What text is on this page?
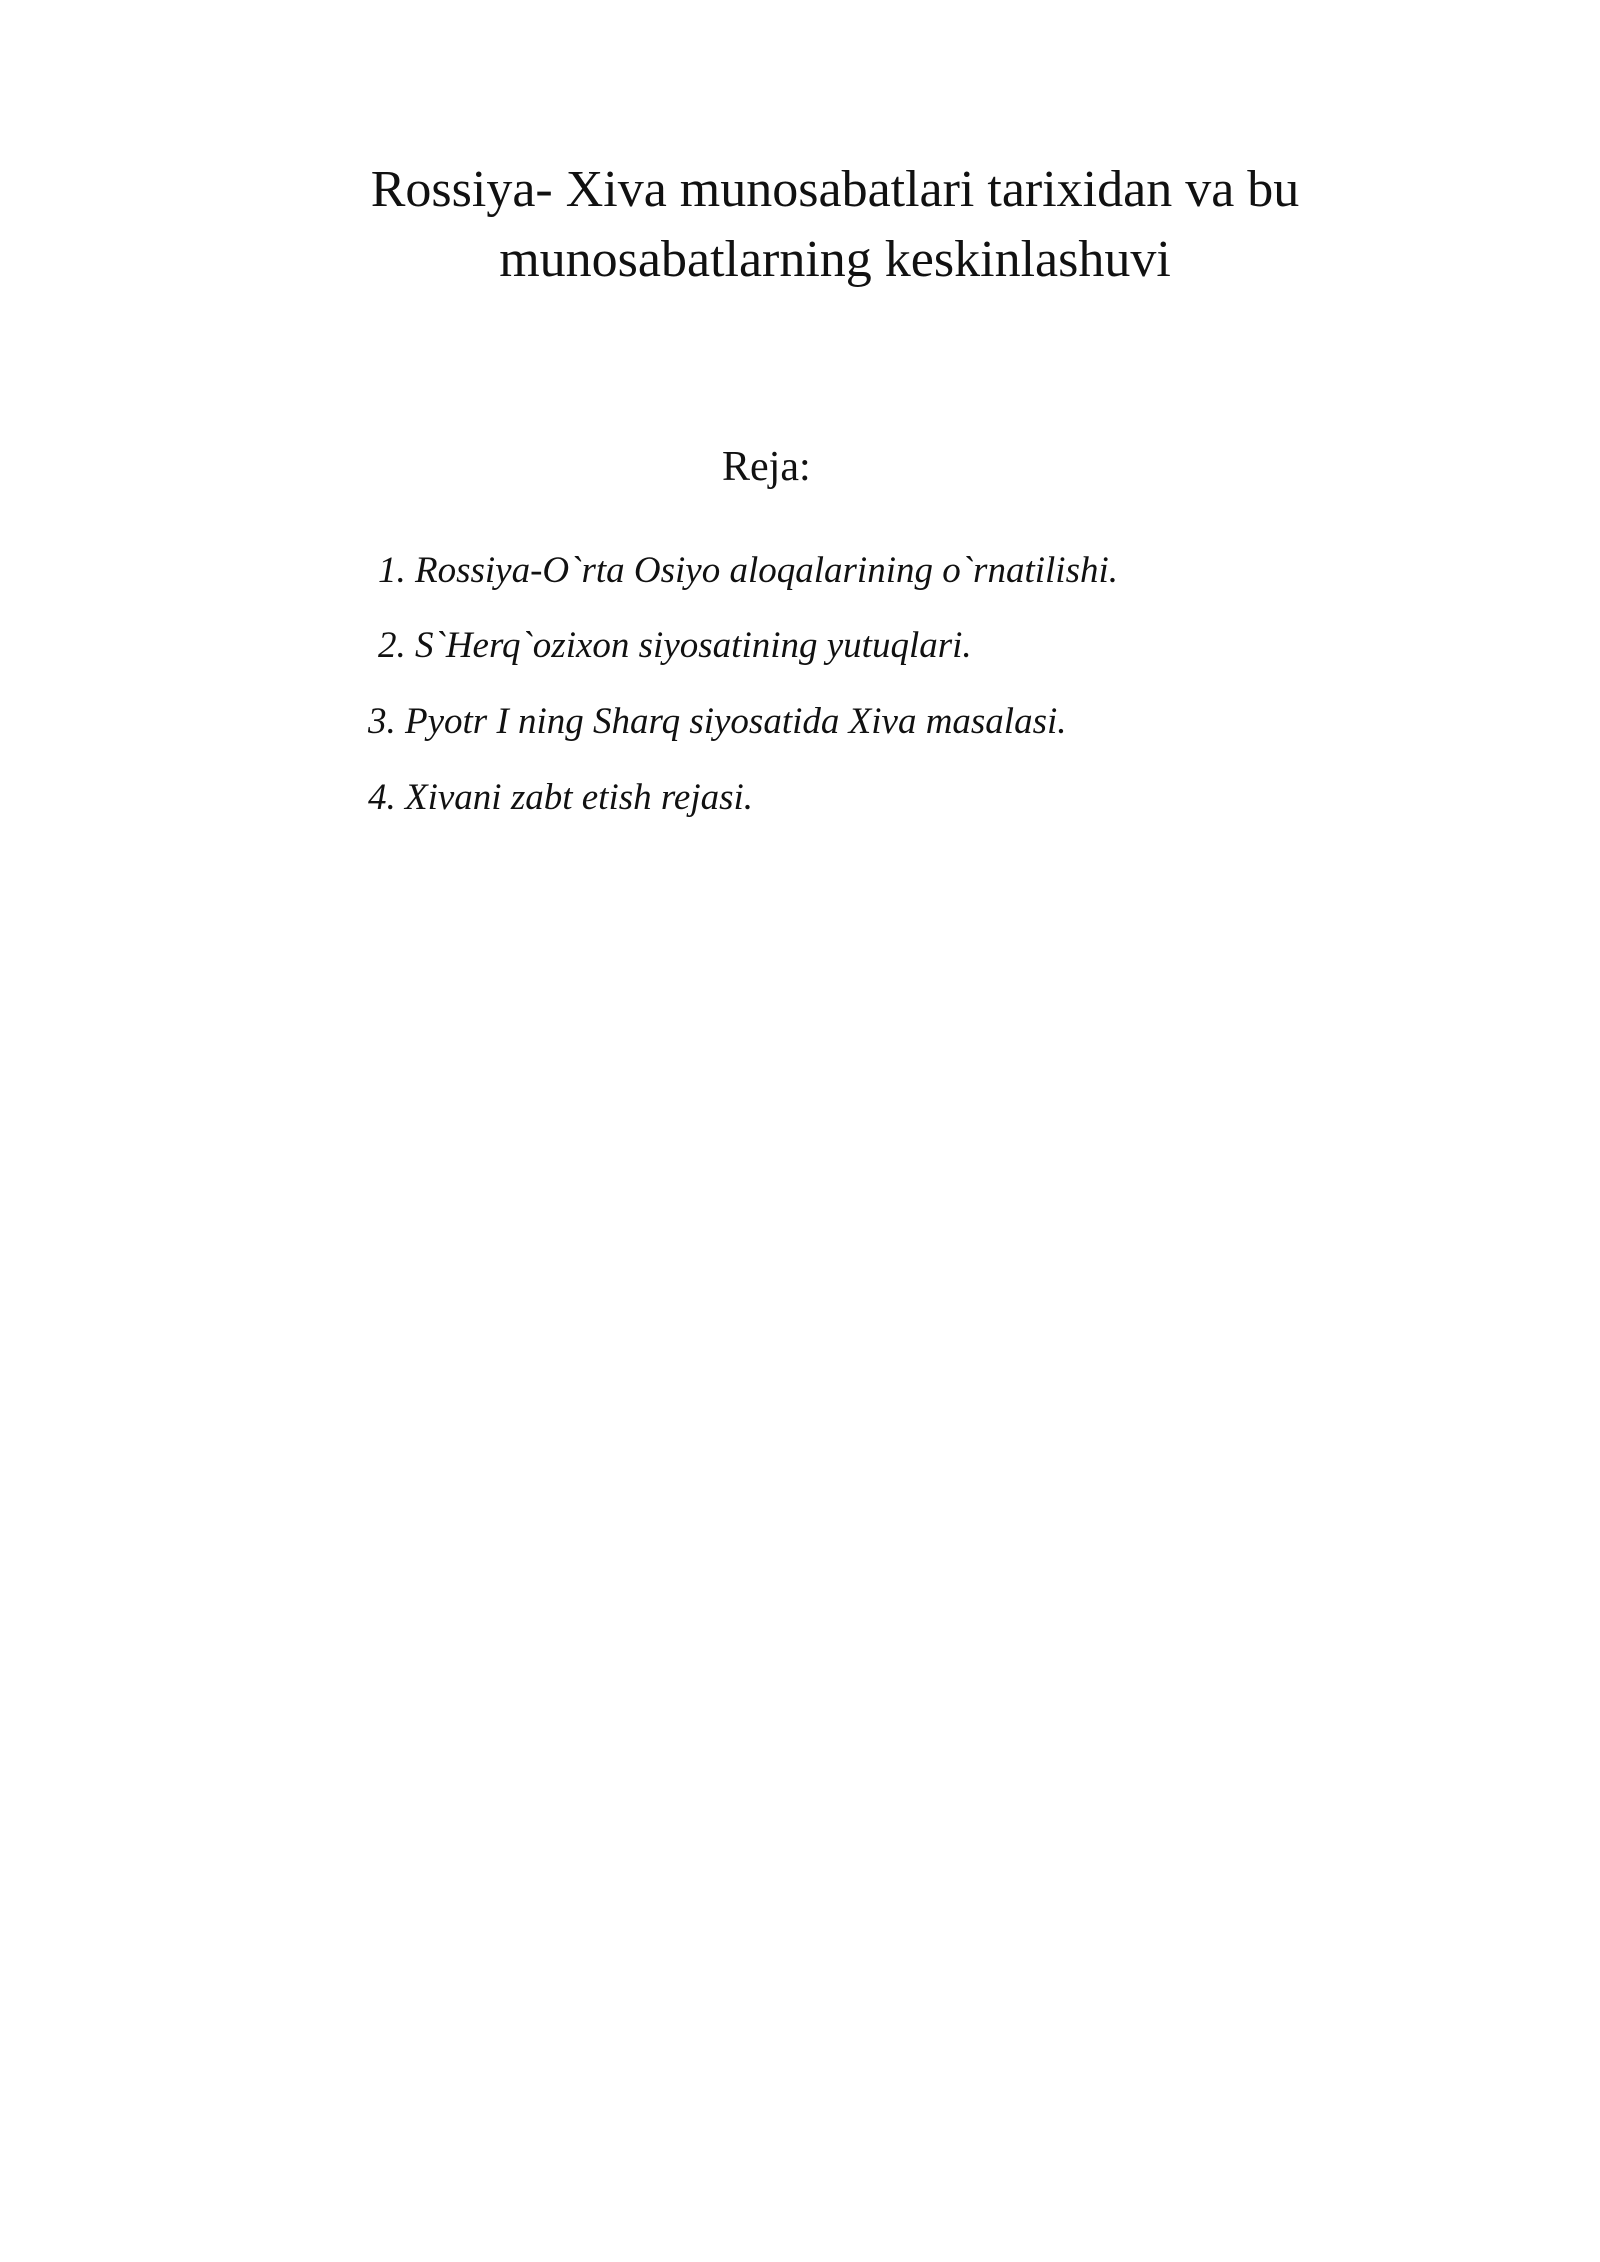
Rossiya- Xiva munosabatlari tarixidan va bu
munosabatlarning keskinlashuvi
Reja:
1. Rossiya-O`rta Osiyo aloqalarining o`rnatilishi.
2. S`Herq`ozixon siyosatining yutuqlari.
3. Pyotr I ning Sharq siyosatida Xiva masalasi.
4. Xivani zabt etish rejasi.
